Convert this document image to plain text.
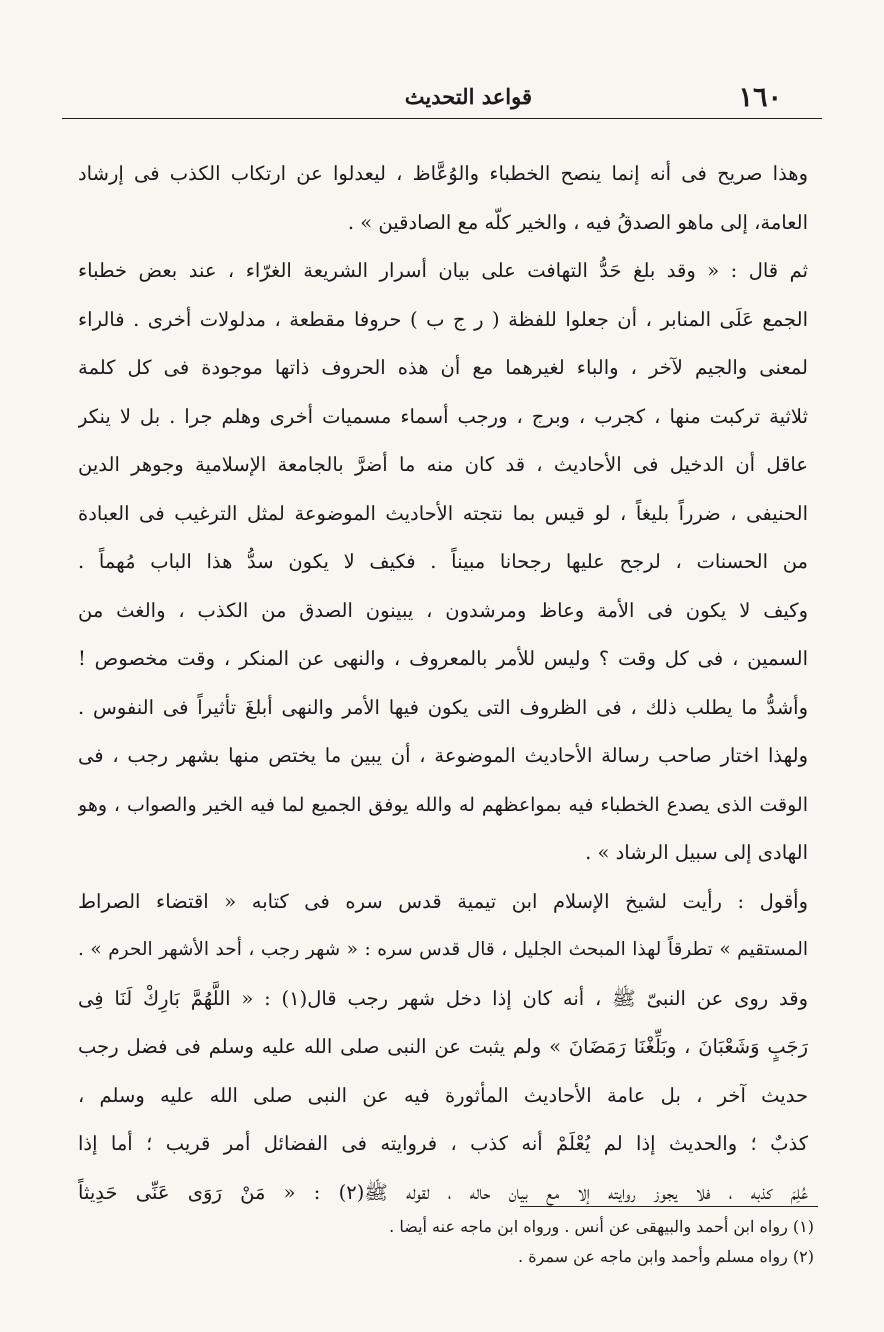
١٦٠
قواعد التحديث
وهذا صريح فى أنه إنما ينصح الخطباء والوُعَّاظ ، ليعدلوا عن ارتكاب الكذب فى إرشاد
العامة، إلى ماهو الصدقُ فيه ، والخير كلّه مع الصادقين » .
ثم قال : « وقد بلغ حَدُّ التهافت على بيان أسرار الشريعة الغرّاء ، عند بعض خطباء
الجمع عَلَى المنابر ، أن جعلوا للفظة ( ر ج ب ) حروفا مقطعة ، مدلولات أخرى . فالراء
لمعنى والجيم لآخر ، والباء لغيرهما مع أن هذه الحروف ذاتها موجودة فى كل كلمة
ثلاثية تركبت منها ، كجرب ، وبرج ، ورجب أسماء مسميات أخرى وهلم جرا . بل لا ينكر
عاقل أن الدخيل فى الأحاديث ، قد كان منه ما أضرَّ بالجامعة الإسلامية وجوهر الدين
الحنيفى ، ضرراً بليغاً ، لو قيس بما نتجته الأحاديث الموضوعة لمثل الترغيب فى العبادة
من الحسنات ، لرجح عليها رجحانا مبيناً . فكيف لا يكون سدُّ هذا الباب مُهماً .
وكيف لا يكون فى الأمة وعاظ ومرشدون ، يبينون الصدق من الكذب ، والغث من
السمين ، فى كل وقت ؟ وليس للأمر بالمعروف ، والنهى عن المنكر ، وقت مخصوص !
وأشدُّ ما يطلب ذلك ، فى الظروف التى يكون فيها الأمر والنهى أبلغَ تأثيراً فى النفوس .
ولهذا اختار صاحب رسالة الأحاديث الموضوعة ، أن يبين ما يختص منها بشهر رجب ، فى
الوقت الذى يصدع الخطباء فيه بمواعظهم له والله يوفق الجميع لما فيه الخير والصواب ، وهو
الهادى إلى سبيل الرشاد » .
وأقول : رأيت لشيخ الإسلام ابن تيمية قدس سره فى كتابه « اقتضاء الصراط
المستقيم » تطرقاً لهذا المبحث الجليل ، قال قدس سره : « شهر رجب ، أحد الأشهر الحرم » .
وقد روى عن النبىّ ﷺ ، أنه كان إذا دخل شهر رجب قال(١) : « اللَّهُمَّ بَارِكْ لَنَا فِى
رَجَبٍ وَشَعْبَانَ ، وبَلِّغْنَا رَمَضَانَ » ولم يثبت عن النبى صلى الله عليه وسلم فى فضل رجب
حديث آخر ، بل عامة الأحاديث المأثورة فيه عن النبى صلى الله عليه وسلم ،
كذبٌ ؛ والحديث إذا لم يُعْلَمْ أنه كذب ، فروايته فى الفضائل أمر قريب ؛ أما إذا
عُلِمَ كذبه ، فلا يجوز روايته إلا مع بيان حاله ، لقوله ﷺ(٢) : « مَنْ رَوَى عَنِّى حَدِيثاً
(١) رواه ابن أحمد والبيهقى عن أنس . ورواه ابن ماجه عنه أيضا .
(٢) رواه مسلم وأحمد وابن ماجه عن سمرة .
